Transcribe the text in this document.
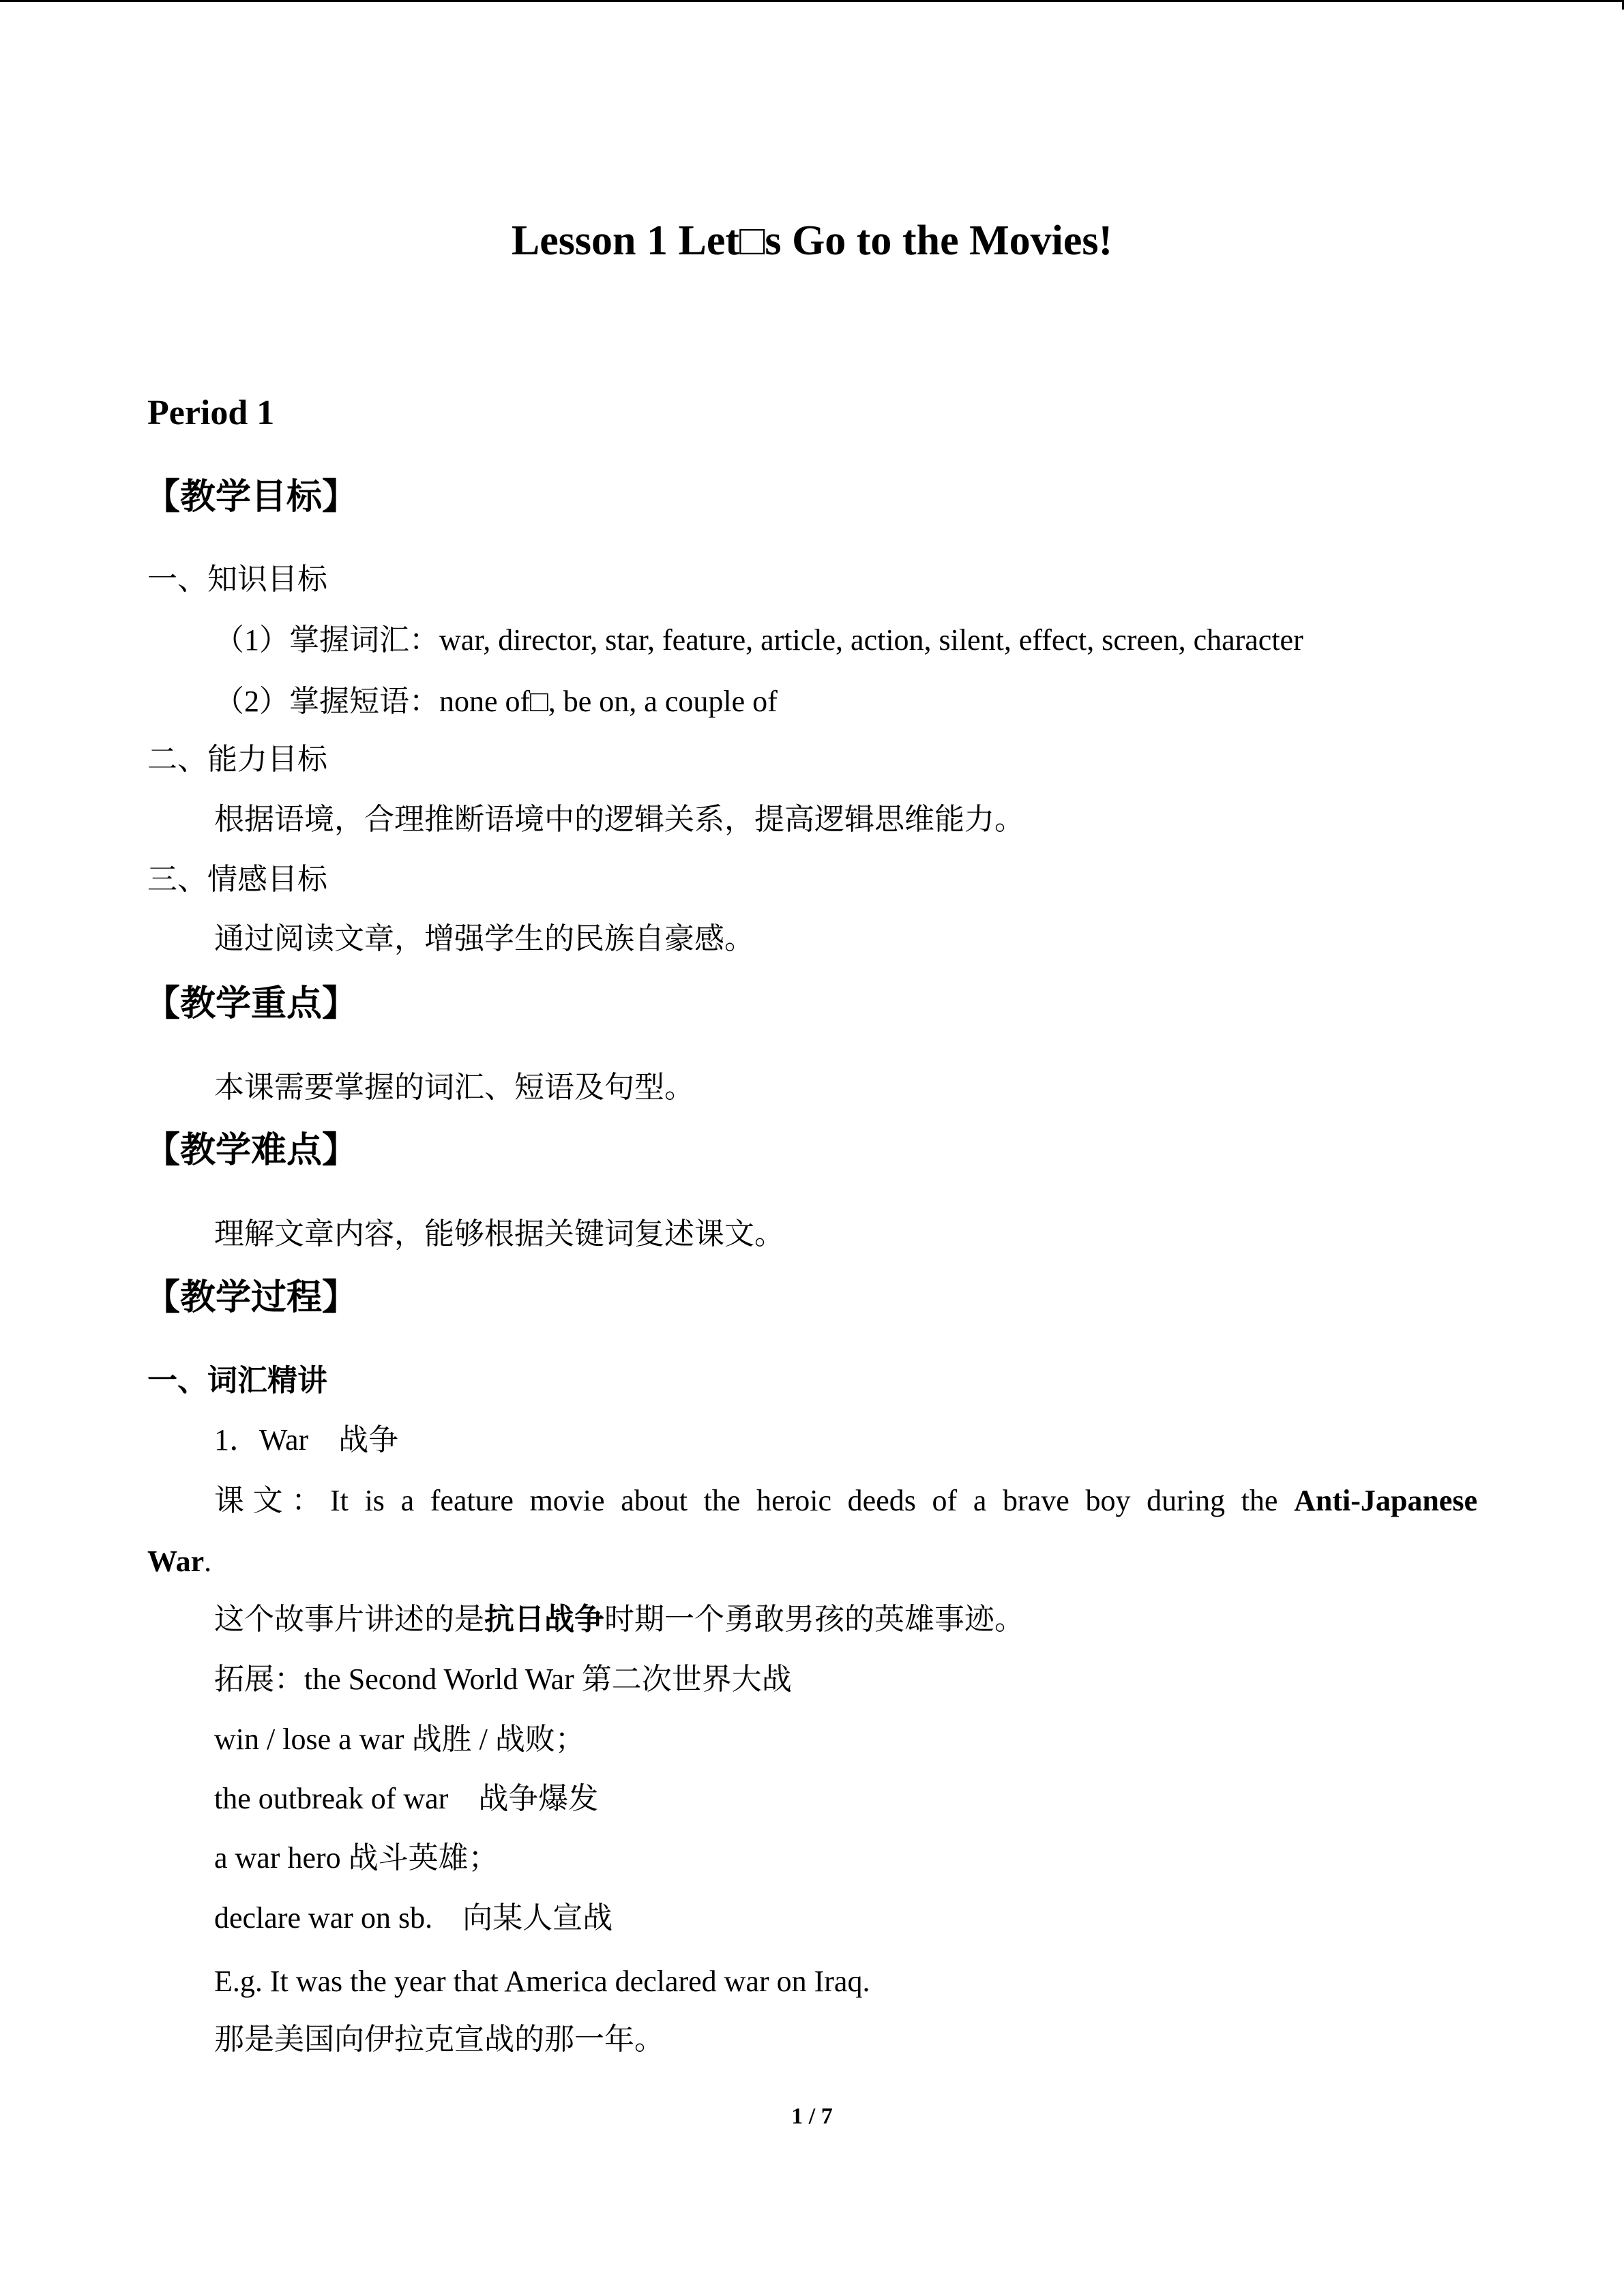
Lesson 1 Let□s Go to the Movies!
Period 1
【教学目标】
一、知识目标
（1）掌握词汇：war, director, star, feature, article, action, silent, effect, screen, character
（2）掌握短语：none of□, be on, a couple of
二、能力目标
根据语境，合理推断语境中的逻辑关系，提高逻辑思维能力。
三、情感目标
通过阅读文章，增强学生的民族自豪感。
【教学重点】
本课需要掌握的词汇、短语及句型。
【教学难点】
理解文章内容，能够根据关键词复述课文。
【教学过程】
一、词汇精讲
1．War　战争
课文：It is a feature movie about the heroic deeds of a brave boy during the Anti-Japanese
War.
这个故事片讲述的是抗日战争时期一个勇敢男孩的英雄事迹。
拓展：the Second World War 第二次世界大战
win / lose a war 战胜 / 战败；
the outbreak of war　战争爆发
a war hero 战斗英雄；
declare war on sb.　向某人宣战
E.g. It was the year that America declared war on Iraq.
那是美国向伊拉克宣战的那一年。
1 / 7
